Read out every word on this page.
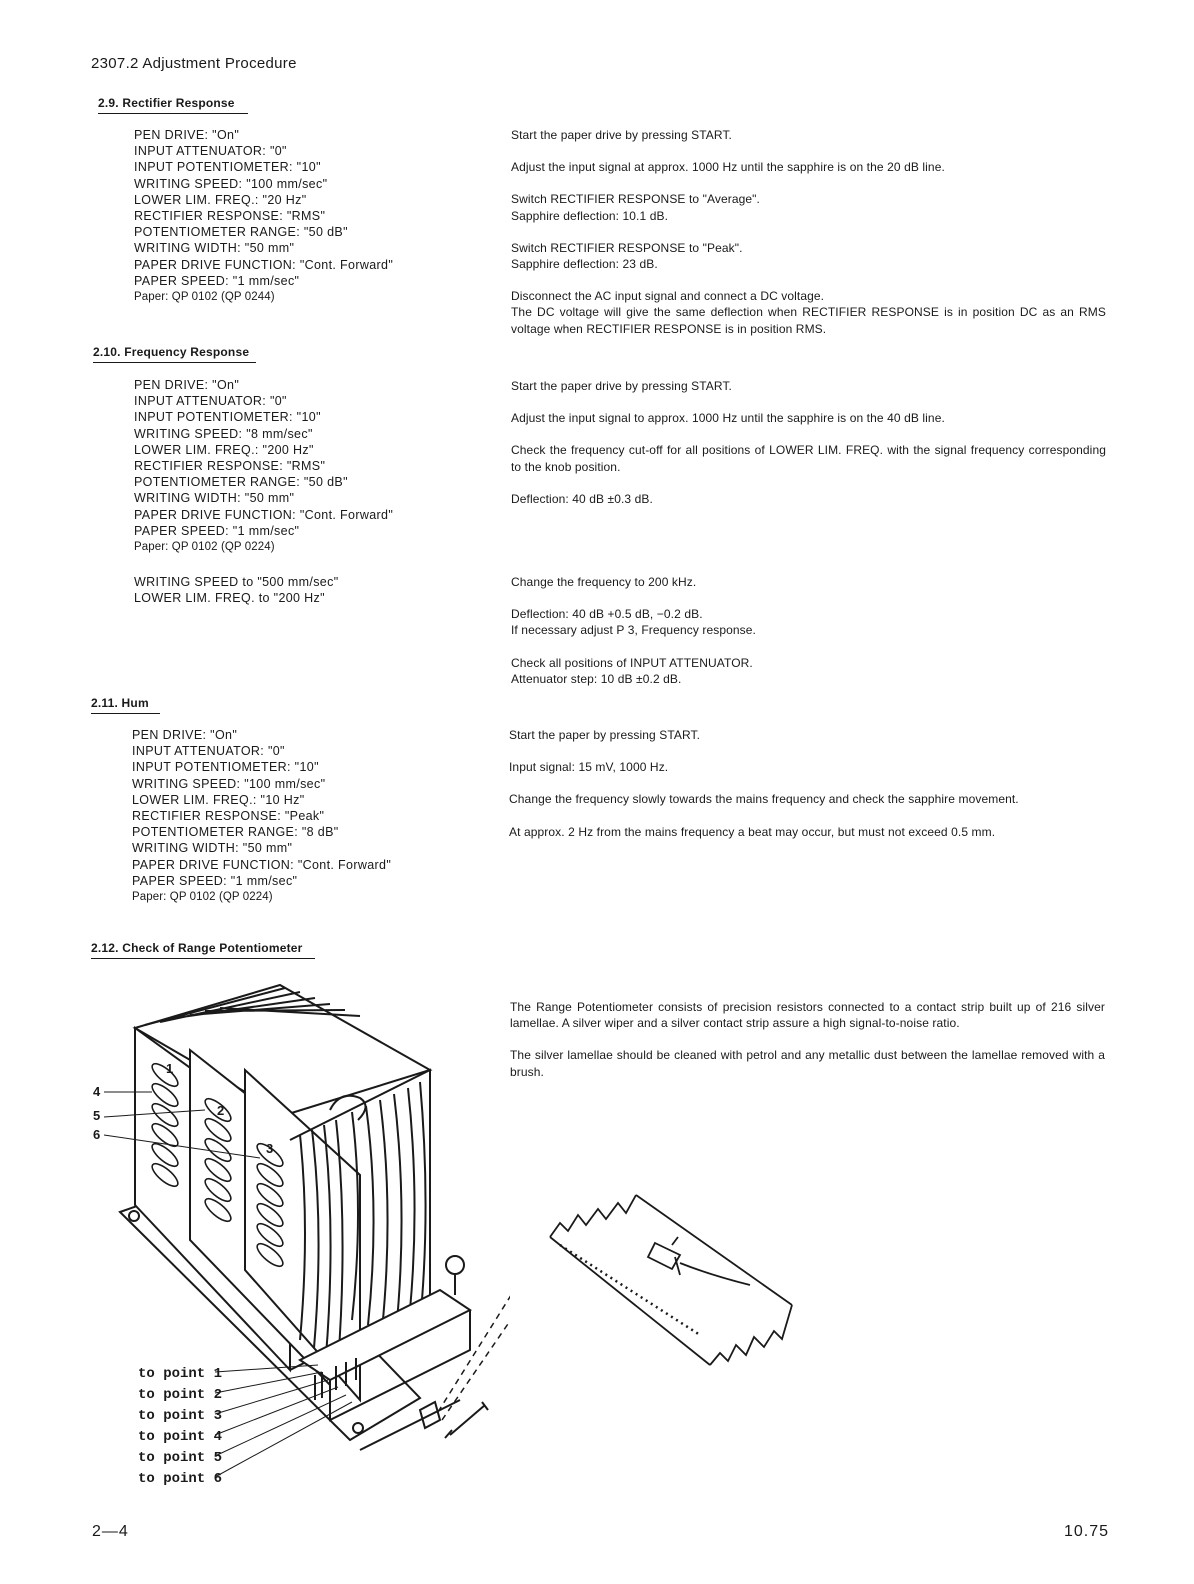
2307.2 Adjustment Procedure
2.9. Rectifier Response
PEN DRIVE: "On"
INPUT ATTENUATOR: "0"
INPUT POTENTIOMETER: "10"
WRITING SPEED: "100 mm/sec"
LOWER LIM. FREQ.: "20 Hz"
RECTIFIER RESPONSE: "RMS"
POTENTIOMETER RANGE: "50 dB"
WRITING WIDTH: "50 mm"
PAPER DRIVE FUNCTION: "Cont. Forward"
PAPER SPEED: "1 mm/sec"
Paper: QP 0102 (QP 0244)

Start the paper drive by pressing START.

Adjust the input signal at approx. 1000 Hz until the sapphire is on the 20 dB line.

Switch RECTIFIER RESPONSE to "Average".

Sapphire deflection: 10.1 dB.

Switch RECTIFIER RESPONSE to "Peak".

Sapphire deflection: 23 dB.

Disconnect the AC input signal and connect a DC voltage.

The DC voltage will give the same deflection when RECTIFIER RESPONSE is in position DC as an RMS voltage when RECTIFIER RESPONSE is in position RMS.

2.10. Frequency Response
PEN DRIVE: "On"
INPUT ATTENUATOR: "0"
INPUT POTENTIOMETER: "10"
WRITING SPEED: "8 mm/sec"
LOWER LIM. FREQ.: "200 Hz"
RECTIFIER RESPONSE: "RMS"
POTENTIOMETER RANGE: "50 dB"
WRITING WIDTH: "50 mm"
PAPER DRIVE FUNCTION: "Cont. Forward"
PAPER SPEED: "1 mm/sec"
Paper: QP 0102 (QP 0224)
WRITING SPEED to "500 mm/sec"
LOWER LIM. FREQ. to "200 Hz"

Start the paper drive by pressing START.

Adjust the input signal to approx. 1000 Hz until the sapphire is on the 40 dB line.

Check the frequency cut-off for all positions of LOWER LIM. FREQ. with the signal frequency corresponding to the knob position.

Deflection: 40 dB ±0.3 dB.

Change the frequency to 200 kHz.

Deflection: 40 dB +0.5 dB, −0.2 dB.

If necessary adjust P 3, Frequency response.

Check all positions of INPUT ATTENUATOR.

Attenuator step: 10 dB ±0.2 dB.

2.11. Hum
PEN DRIVE: "On"
INPUT ATTENUATOR: "0"
INPUT POTENTIOMETER: "10"
WRITING SPEED: "100 mm/sec"
LOWER LIM. FREQ.: "10 Hz"
RECTIFIER RESPONSE: "Peak"
POTENTIOMETER RANGE: "8 dB"
WRITING WIDTH: "50 mm"
PAPER DRIVE FUNCTION: "Cont. Forward"
PAPER SPEED: "1 mm/sec"
Paper: QP 0102 (QP 0224)

Start the paper by pressing START.

Input signal: 15 mV, 1000 Hz.

Change the frequency slowly towards the mains frequency and check the sapphire movement.

At approx. 2 Hz from the mains frequency a beat may occur, but must not exceed 0.5 mm.

2.12. Check of Range Potentiometer

The Range Potentiometer consists of precision resistors connected to a contact strip built up of 216 silver lamellae. A silver wiper and a silver contact strip assure a high signal-to-noise ratio.

The silver lamellae should be cleaned with petrol and any metallic dust between the lamellae removed with a brush.

4
5
6
1
2
3
to point 1
to point 2
to point 3
to point 4
to point 5
to point 6
2—4	10.75
